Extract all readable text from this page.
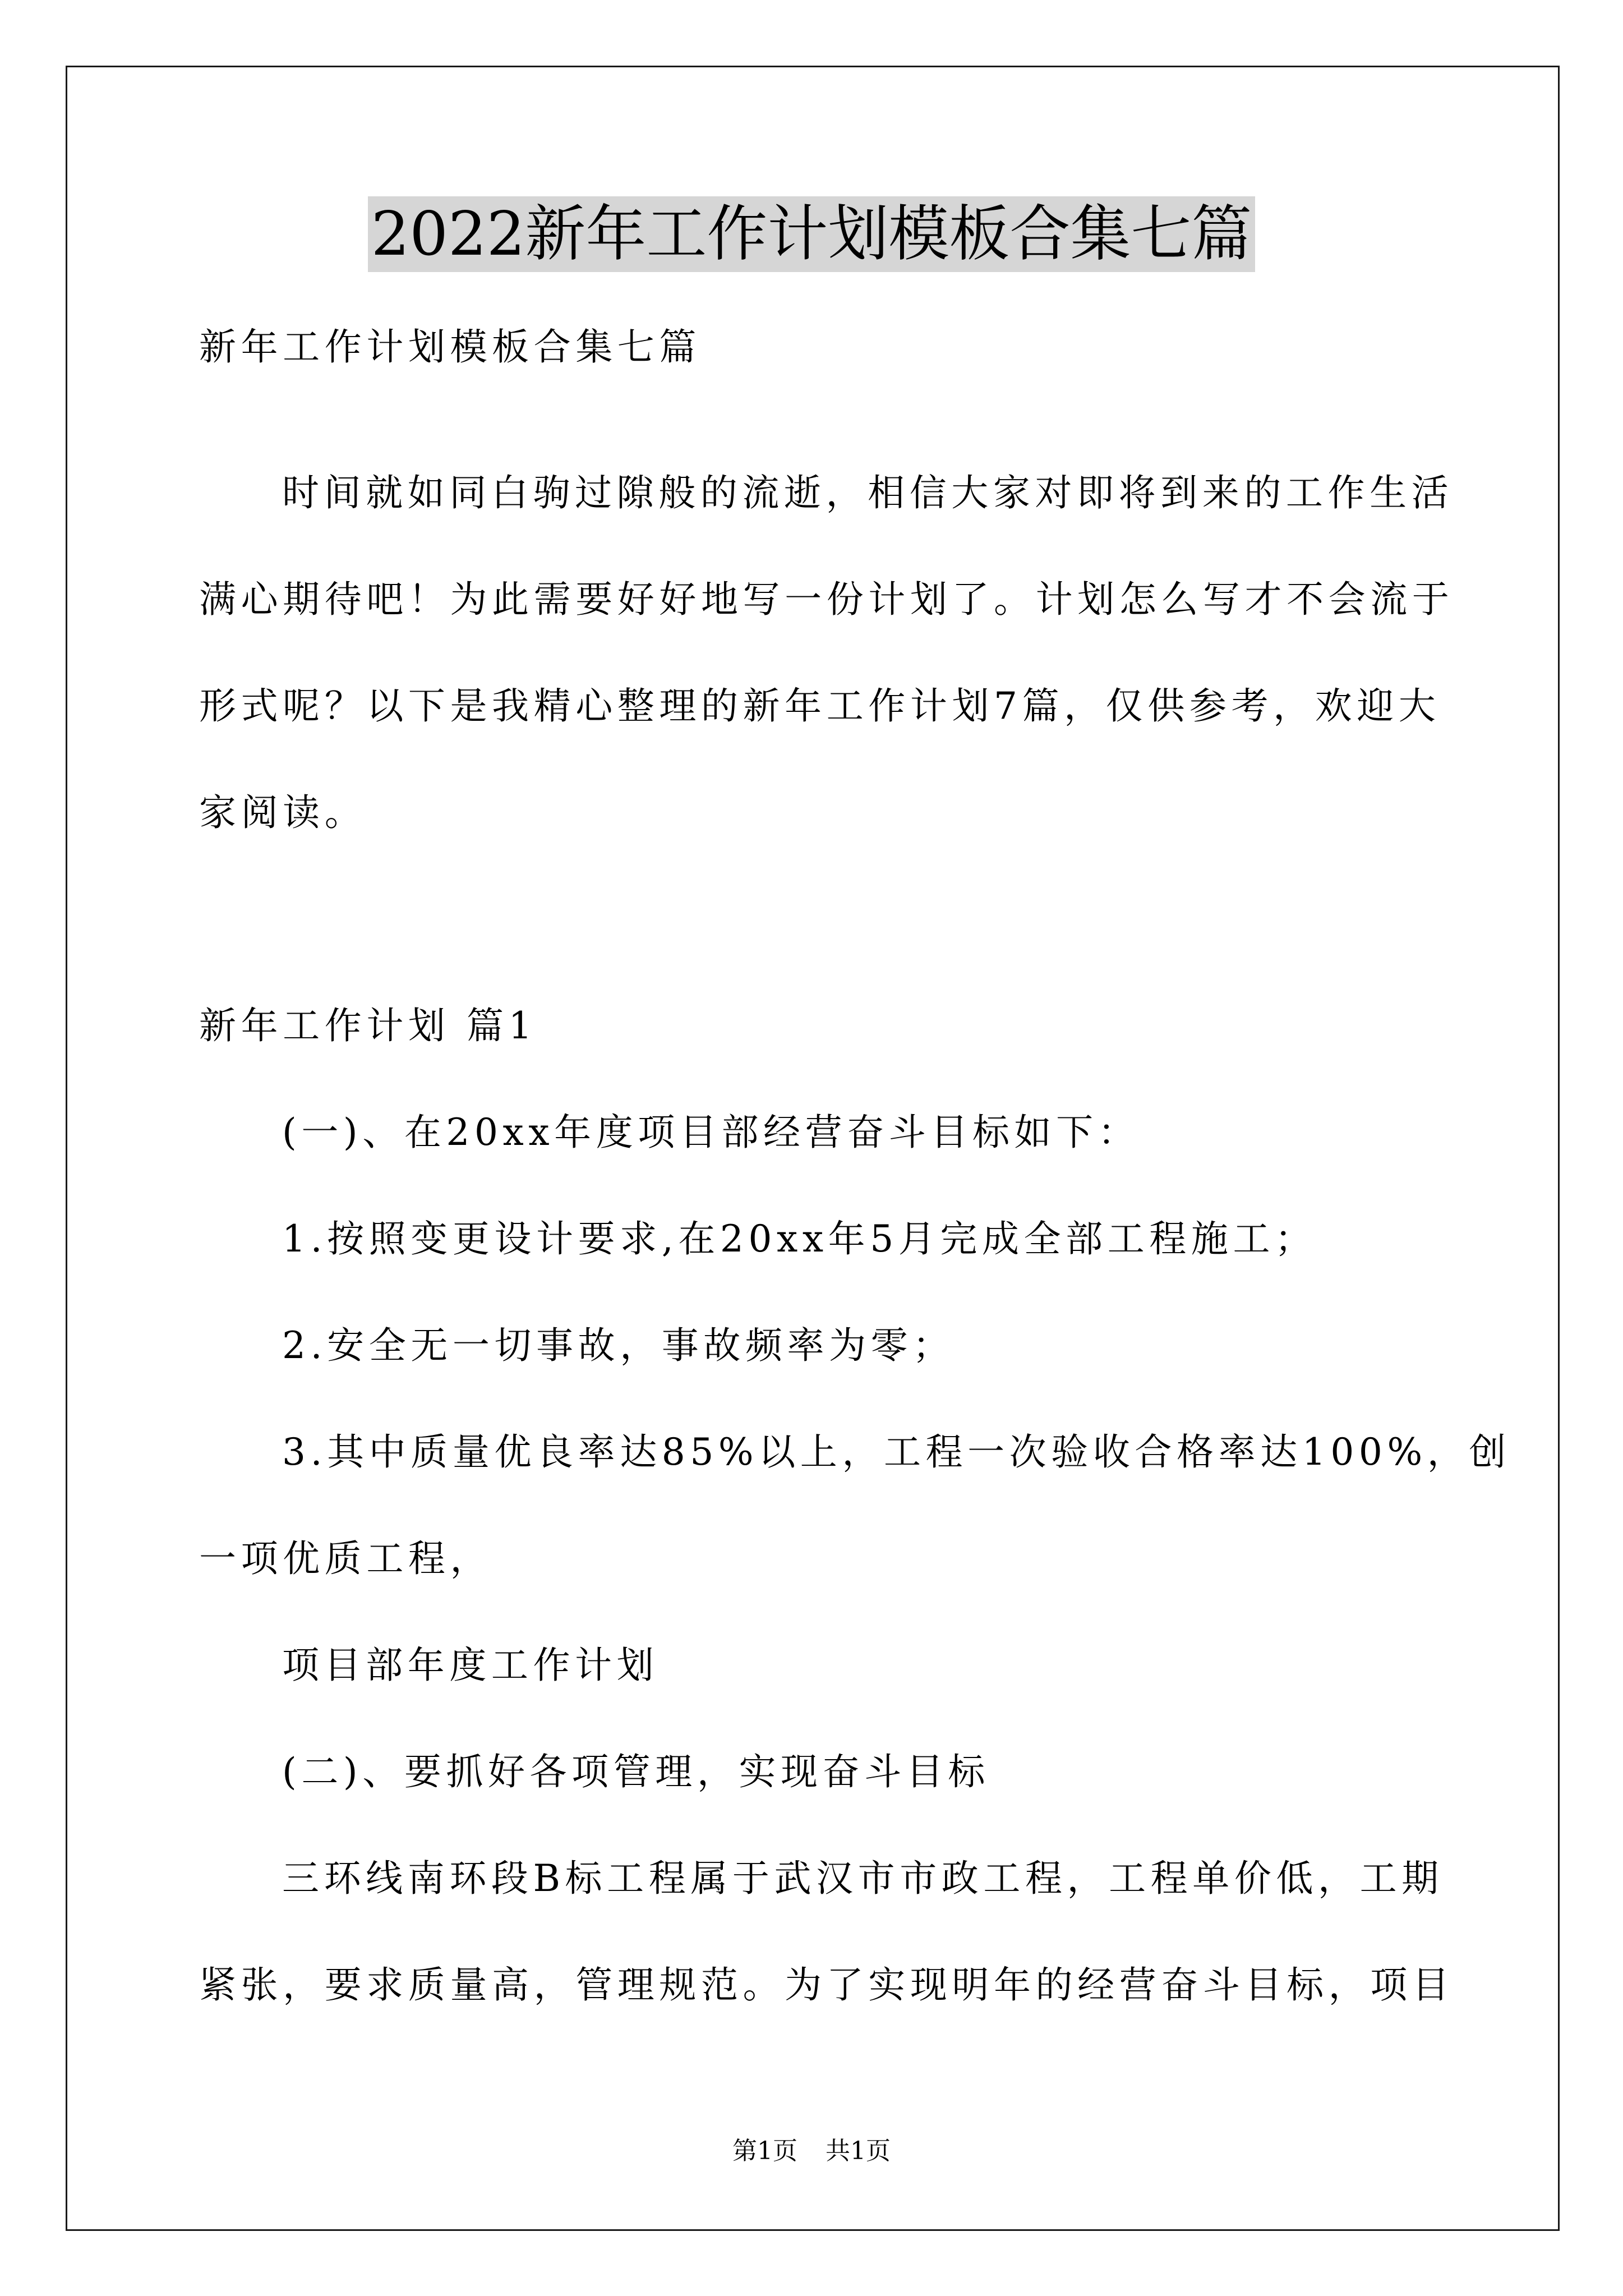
2022新年工作计划模板合集七篇
新年工作计划模板合集七篇
时间就如同白驹过隙般的流逝，相信大家对即将到来的工作生活
满心期待吧！为此需要好好地写一份计划了。计划怎么写才不会流于
形式呢？以下是我精心整理的新年工作计划7篇，仅供参考，欢迎大
家阅读。
新年工作计划 篇1
(一)、在20xx年度项目部经营奋斗目标如下：
1.按照变更设计要求,在20xx年5月完成全部工程施工；
2.安全无一切事故，事故频率为零；
3.其中质量优良率达85%以上，工程一次验收合格率达100%，创
一项优质工程，
项目部年度工作计划
(二)、要抓好各项管理，实现奋斗目标
三环线南环段B标工程属于武汉市市政工程，工程单价低，工期
紧张，要求质量高，管理规范。为了实现明年的经营奋斗目标，项目
第1页 共1页
